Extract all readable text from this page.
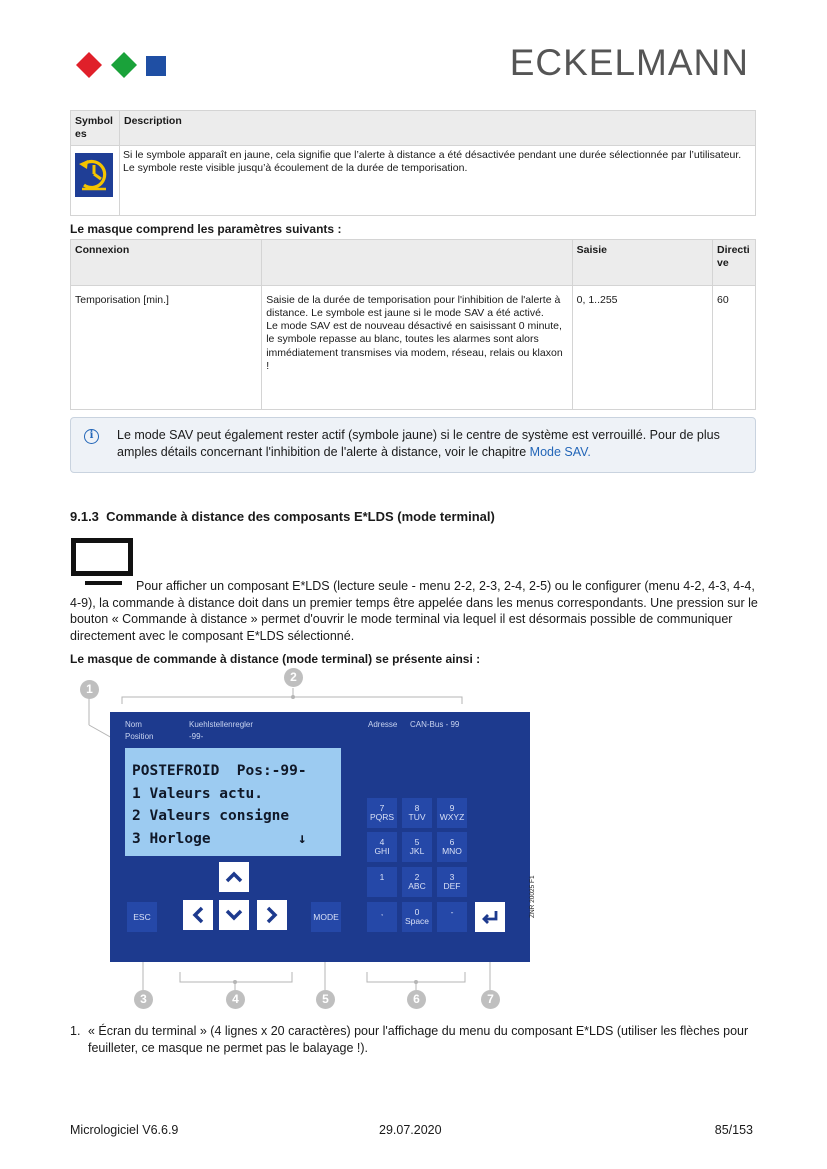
ECKELMANN
Symboles	Description
	Si le symbole apparaît en jaune, cela signifie que l’alerte à distance a été désactivée pendant une durée sélectionnée par l’utilisateur. Le symbole reste visible jusqu’à écoulement de la durée de temporisation.
Le masque comprend les paramètres suivants :
Connexion		Saisie	Directive

Temporisation [min.]	Saisie de la durée de temporisation pour l'inhibition de l'alerte à distance. Le symbole est jaune si le mode SAV a été activé.
Le mode SAV est de nouveau désactivé en saisissant 0 minute,
le symbole repasse au blanc, toutes les alarmes sont alors immédiatement transmises via modem, réseau, relais ou klaxon !	0, 1..255	60
i	Le mode SAV peut également rester actif (symbole jaune) si le centre de système est verrouillé. Pour de plus amples détails concernant l'inhibition de l'alerte à distance, voir le chapitre Mode SAV.
9.1.3 Commande à distance des composants E*LDS (mode terminal)
Pour afficher un composant E*LDS (lecture seule - menu 2-2, 2-3, 2-4, 2-5) ou le configurer (menu 4-2, 4-3, 4-4, 4-9), la commande à distance doit dans un premier temps être appelée dans les menus correspondants. Une pression sur le bouton « Commande à distance » permet d'ouvrir le mode terminal via lequel il est désormais possible de communiquer directement avec le composant E*LDS sélectionné.
Le masque de commande à distance (mode terminal) se présente ainsi :
Nom	Kuehlstellenregler
Position	-99-
Adresse CAN-Bus - 99
POSTEFROID  Pos:-99-
1 Valeurs actu.
2 Valeurs consigne
3 Horloge          ↓
ESC	MODE
7
PQRS
8
TUV
9
WXYZ
4
GHI
5
JKL
6
MNO
1	2
ABC
3
DEF
,	0
Space
-	ZNR 20025 F1
1
2
3	4	5	6	7
1. « Écran du terminal » (4 lignes x 20 caractères) pour l'affichage du menu du composant E*LDS (utiliser les flèches pour feuilleter, ce masque ne permet pas le balayage !).
Micrologiciel V6.6.9	29.07.2020	85/153
